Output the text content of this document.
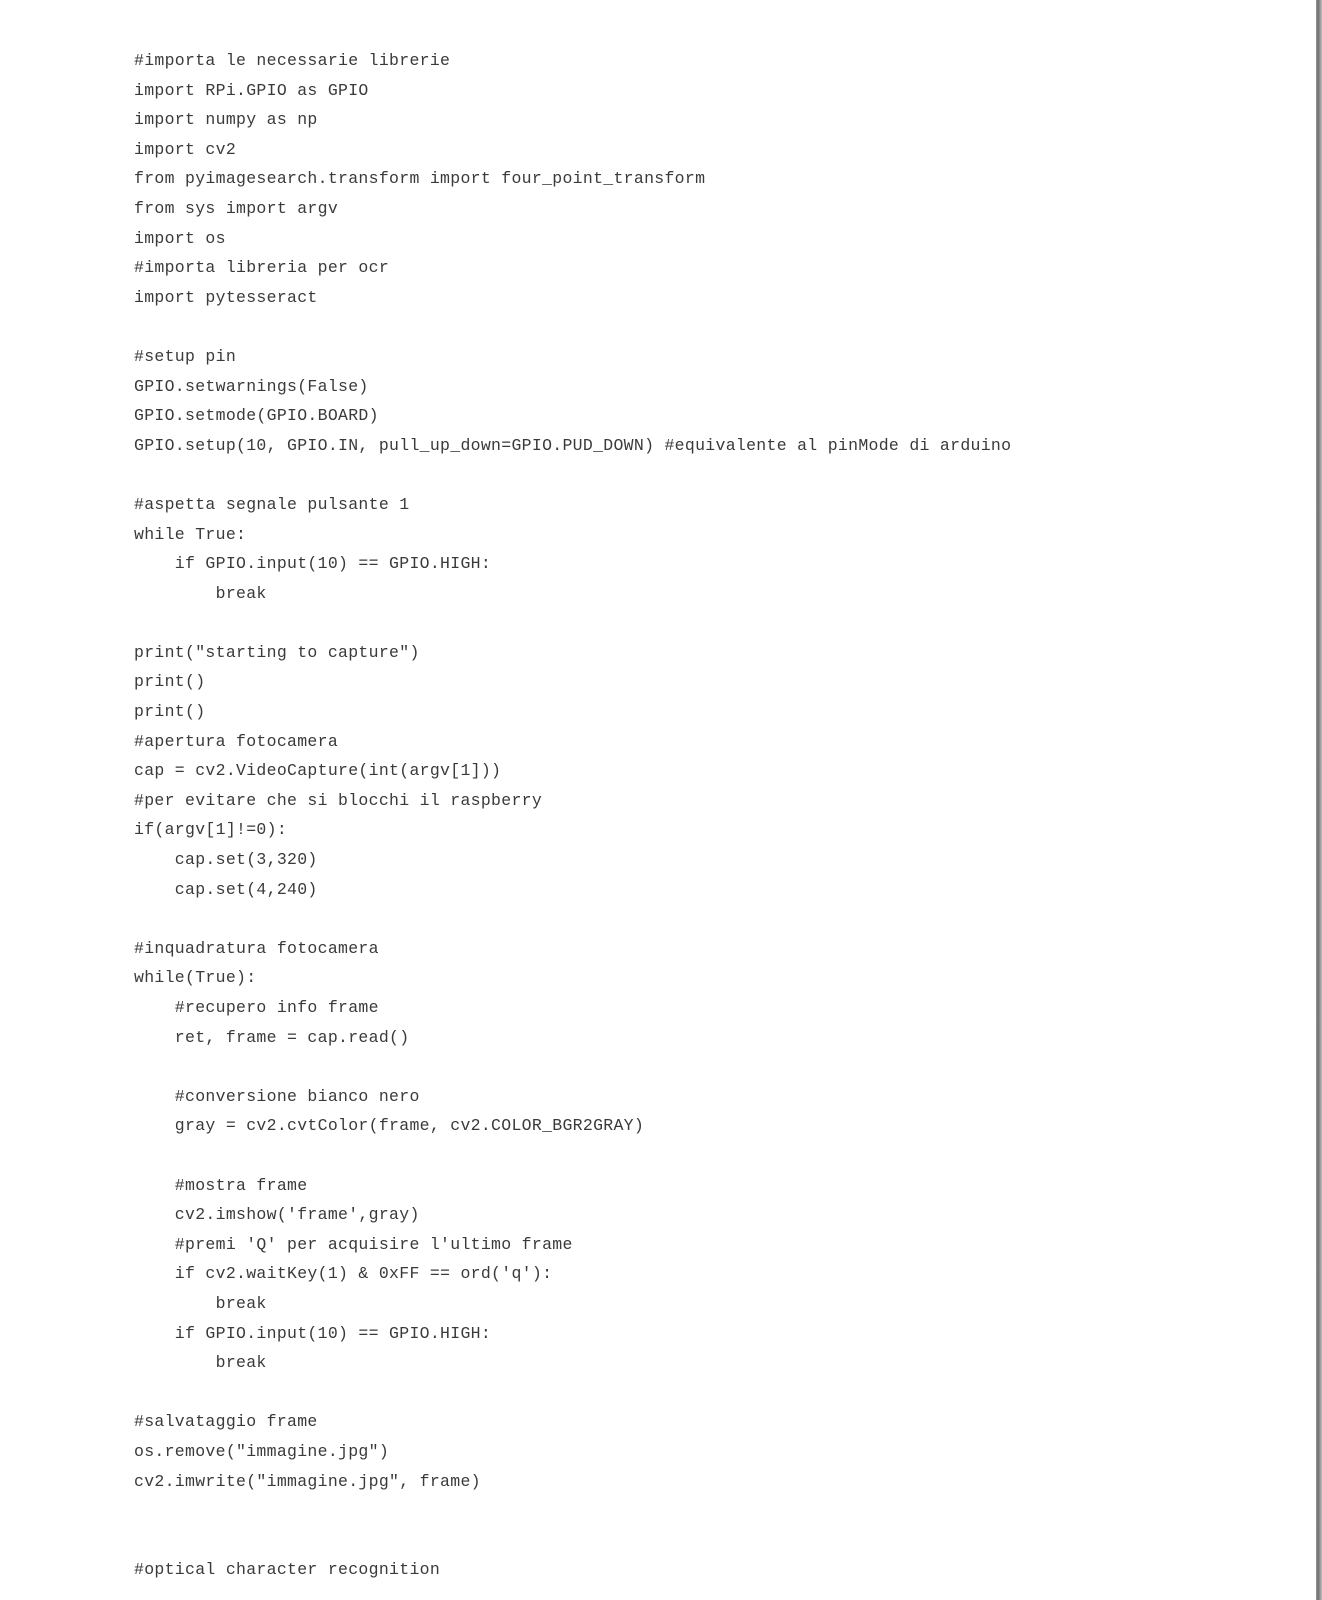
#importa le necessarie librerie
import RPi.GPIO as GPIO
import numpy as np
import cv2
from pyimagesearch.transform import four_point_transform
from sys import argv
import os
#importa libreria per ocr
import pytesseract
#setup pin
GPIO.setwarnings(False)
GPIO.setmode(GPIO.BOARD)
GPIO.setup(10, GPIO.IN, pull_up_down=GPIO.PUD_DOWN) #equivalente al pinMode di arduino
#aspetta segnale pulsante 1
while True:
if GPIO.input(10) == GPIO.HIGH:
break
print("starting to capture")
print()
print()
#apertura fotocamera
cap = cv2.VideoCapture(int(argv[1]))
#per evitare che si blocchi il raspberry
if(argv[1]!=0):
cap.set(3,320)
cap.set(4,240)
#inquadratura fotocamera
while(True):
#recupero info frame
ret, frame = cap.read()
#conversione bianco nero
gray = cv2.cvtColor(frame, cv2.COLOR_BGR2GRAY)
#mostra frame
cv2.imshow('frame',gray)
#premi 'Q' per acquisire l'ultimo frame
if cv2.waitKey(1) & 0xFF == ord('q'):
break
if GPIO.input(10) == GPIO.HIGH:
break
#salvataggio frame
os.remove("immagine.jpg")
cv2.imwrite("immagine.jpg", frame)
#optical character recognition
